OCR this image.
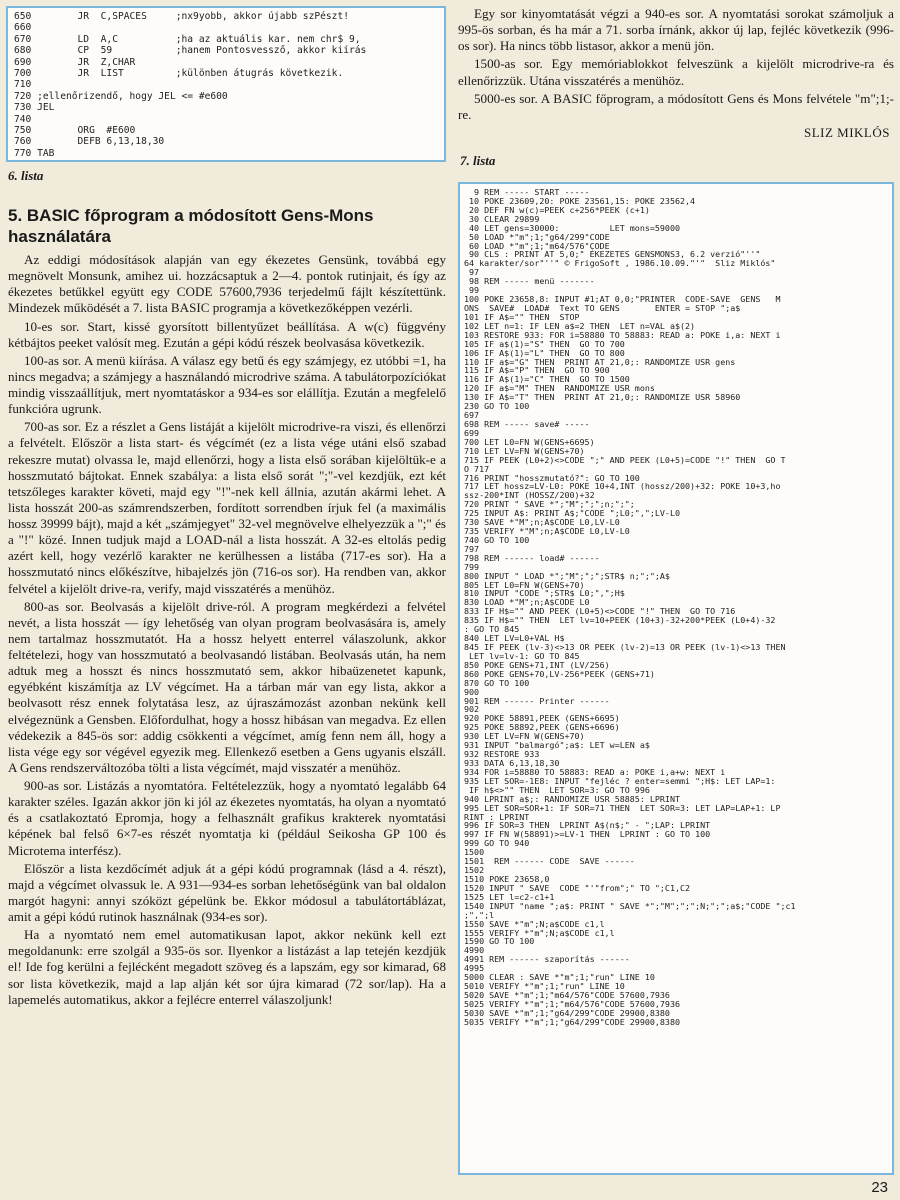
650        JR  C,SPACES     ;nx9yobb, akkor újabb szPészt!
660
670        LD  A,C          ;ha az aktuális kar. nem chr$ 9,
680        CP  59           ;hanem Pontosvessző, akkor kiírás
690        JR  Z,CHAR
700        JR  LIST         ;különben átugrás következik.
710
720 ;ellenőrizendő, hogy JEL <= #e600
730 JEL
740
750        ORG  #E600
760        DEFB 6,13,18,30
770 TAB
6. lista
5. BASIC főprogram a módosított Gens-Mons használatára

Az eddigi módosítások alapján van egy ékezetes Gensünk, továbbá egy megnövelt Monsunk, amihez ui. hozzácsaptuk a 2—4. pontok rutinjait, és így az ékezetes betűkkel együtt egy CODE 57600,7936 terjedelmű fájlt készítettünk. Mindezek működését a 7. lista BASIC programja a következőképpen vezérli.

10-es sor. Start, kissé gyorsított billentyűzet beállítása. A w(c) függvény kétbájtos peeket valósít meg. Ezután a gépi kódú részek beolvasása következik.

100-as sor. A menü kiírása. A válasz egy betű és egy számjegy, ez utóbbi =1, ha nincs megadva; a számjegy a használandó microdrive száma. A tabulátorpozíciókat mindig visszaállítjuk, mert nyomtatáskor a 934-es sor elállítja. Ezután a megfelelő funkcióra ugrunk.

700-as sor. Ez a részlet a Gens listáját a kijelölt microdrive-ra viszi, és ellenőrzi a felvételt. Először a lista start- és végcímét (ez a lista vége utáni első szabad rekeszre mutat) olvassa le, majd ellenőrzi, hogy a lista első sorában kijelöltük-e a hosszmutató bájtokat. Ennek szabálya: a lista első sorát ";"-vel kezdjük, ezt két tetszőleges karakter követi, majd egy "!"-nek kell állnia, azután akármi lehet. A lista hosszát 200-as számrendszerben, fordított sorrendben írjuk fel (a maximális hossz 39999 bájt), majd a két „számjegyet" 32-vel megnövelve elhelyezzük a ";" és a "!" közé. Innen tudjuk majd a LOAD-nál a lista hosszát. A 32-es eltolás pedig azért kell, hogy vezérlő karakter ne kerülhessen a listába (717-es sor). Ha a hosszmutató nincs előkészítve, hibajelzés jön (716-os sor). Ha rendben van, akkor felvétel a kijelölt drive-ra, verify, majd visszatérés a menühöz.

800-as sor. Beolvasás a kijelölt drive-ról. A program megkérdezi a felvétel nevét, a lista hosszát — így lehetőség van olyan program beolvasására is, amely nem tartalmaz hosszmutatót. Ha a hossz helyett enterrel válaszolunk, akkor feltételezi, hogy van hosszmutató a beolvasandó listában. Beolvasás után, ha nem adtuk meg a hosszt és nincs hosszmutató sem, akkor hibaüzenetet kapunk, egyébként kiszámítja az LV végcímet. Ha a tárban már van egy lista, akkor a beolvasott rész ennek folytatása lesz, az újraszámozást azonban nekünk kell elvégeznünk a Gensben. Előfordulhat, hogy a hossz hibásan van megadva. Ez ellen védekezik a 845-ös sor: addig csökkenti a végcímet, amíg fenn nem áll, hogy a lista vége egy sor végével egyezik meg. Ellenkező esetben a Gens ugyanis elszáll. A Gens rendszerváltozóba tölti a lista végcímét, majd visszatér a menühöz.

900-as sor. Listázás a nyomtatóra. Feltételezzük, hogy a nyomtató legalább 64 karakter széles. Igazán akkor jön ki jól az ékezetes nyomtatás, ha olyan a nyomtató és a csatlakoztató Epromja, hogy a felhasznált grafikus krakterek nyomtatási képének bal felső 6×7-es részét nyomtatja ki (például Seikosha GP 100 és Microtema interfész).

Először a lista kezdőcímét adjuk át a gépi kódú programnak (lásd a 4. részt), majd a végcímet olvassuk le. A 931—934-es sorban lehetőségünk van bal oldalon margót hagyni: annyi szóközt gépelünk be. Ekkor módosul a tabulátortáblázat, amit a gépi kódú rutinok használnak (934-es sor).

Ha a nyomtató nem emel automatikusan lapot, akkor nekünk kell ezt megoldanunk: erre szolgál a 935-ös sor. Ilyenkor a listázást a lap tetején kezdjük el! Ide fog kerülni a fejlécként megadott szöveg és a lapszám, egy sor kimarad, 68 sor lista következik, majd a lap alján két sor újra kimarad (72 sor/lap). Ha a lapemelés automatikus, akkor a fejlécre enterrel válaszoljunk!

Egy sor kinyomtatását végzi a 940-es sor. A nyomtatási sorokat számoljuk a 995-ös sorban, és ha már a 71. sorba írnánk, akkor új lap, fejléc következik (996-os sor). Ha nincs több listasor, akkor a menü jön.

1500-as sor. Egy memóriablokkot felveszünk a kijelölt microdrive-ra és ellenőrizzük. Utána visszatérés a menühöz.

5000-es sor. A BASIC főprogram, a módosított Gens és Mons felvétele "m";1;-re.

SLIZ MIKLÓS
7. lista
9 REM ----- START -----
10 POKE 23609,20: POKE 23561,15: POKE 23562,4
20 DEF FN w(c)=PEEK c+256*PEEK (c+1)
30 CLEAR 29899
40 LET gens=30000:          LET mons=59000
50 LOAD *"m";1;"g64/299"CODE
60 LOAD *"m";1;"m64/576"CODE
90 CLS : PRINT AT 5,0;" ÉKEZETES GENSMONS3, 6.2 verzió"''"
64 karakter/sor"''" © FrigoSoft , 1986.10.09."'"  Sliz Miklós"
97
98 REM ----- menü -------
99
100 POKE 23658,8: INPUT #1;AT 0,0;"PRINTER  CODE-SAVE  GENS   M
ONS  SAVE#  LOAD#  Text TO GENS       ENTER = STOP ";a$
101 IF A$="" THEN  STOP
102 LET n=1: IF LEN a$=2 THEN  LET n=VAL a$(2)
103 RESTORE 933: FOR i=58880 TO 58883: READ a: POKE i,a: NEXT i
105 IF a$(1)="S" THEN  GO TO 700
106 IF A$(1)="L" THEN  GO TO 800
110 IF a$="G" THEN  PRINT AT 21,0;: RANDOMIZE USR gens
115 IF A$="P" THEN  GO TO 900
116 IF A$(1)="C" THEN  GO TO 1500
120 IF a$="M" THEN  RANDOMIZE USR mons
130 IF A$="T" THEN  PRINT AT 21,0;: RANDOMIZE USR 58960
230 GO TO 100
697
698 REM ----- save# -----
699
700 LET L0=FN W(GENS+6695)
710 LET LV=FN W(GENS+70)
715 IF PEEK (L0+2)<>CODE ";" AND PEEK (L0+5)=CODE "!" THEN  GO T
O 717
716 PRINT "hosszmutató?": GO TO 100
717 LET hossz=LV-L0: POKE 10+4,INT (hossz/200)+32: POKE 10+3,ho
ssz-200*INT (HOSSZ/200)+32
720 PRINT " SAVE *";"M";";";n;";";
725 INPUT A$: PRINT A$;"CODE ";L0;",";LV-L0
730 SAVE *"M";n;A$CODE L0,LV-L0
735 VERIFY *"M";n;A$CODE L0,LV-L0
740 GO TO 100
797
798 REM ------ load# ------
799
800 INPUT " LOAD *";"M";";";STR$ n;";";A$
805 LET L0=FN W(GENS+70)
810 INPUT "CODE ";STR$ L0;",";H$
830 LOAD *"M";n;A$CODE L0
833 IF H$="" AND PEEK (L0+5)<>CODE "!" THEN  GO TO 716
835 IF H$="" THEN  LET lv=10+PEEK (10+3)-32+200*PEEK (L0+4)-32
: GO TO 845
840 LET LV=L0+VAL H$
845 IF PEEK (lv-3)<>13 OR PEEK (lv-2)=13 OR PEEK (lv-1)<>13 THEN
LET lv=lv-1: GO TO 845
850 POKE GENS+71,INT (LV/256)
860 POKE GENS+70,LV-256*PEEK (GENS+71)
870 GO TO 100
900
901 REM ------ Printer ------
902
920 POKE 58891,PEEK (GENS+6695)
925 POKE 58892,PEEK (GENS+6696)
930 LET LV=FN W(GENS+70)
931 INPUT "balmargó";a$: LET w=LEN a$
932 RESTORE 933
933 DATA 6,13,18,30
934 FOR i=58880 TO 58883: READ a: POKE i,a+w: NEXT i
935 LET SOR=-1E8: INPUT "fejléc ? enter=semmi ";H$: LET LAP=1:
IF h$<>"" THEN  LET SOR=3: GO TO 996
940 LPRINT a$;: RANDOMIZE USR 58885: LPRINT
995 LET SOR=SOR+1: IF SOR=71 THEN  LET SOR=3: LET LAP=LAP+1: LP
RINT : LPRINT
996 IF SOR=3 THEN  LPRINT A$(n$;" - ";LAP: LPRINT
997 IF FN W(58891)>=LV-1 THEN  LPRINT : GO TO 100
999 GO TO 940
1500
1501  REM ------ CODE  SAVE ------
1502
1510 POKE 23658,0
1520 INPUT " SAVE  CODE "'"from";" TO ";C1,C2
1525 LET l=c2-c1+1
1540 INPUT "name ";a$: PRINT " SAVE *";"M";";";N;";";a$;"CODE ";c1
;",";l
1550 SAVE *"m";N;a$CODE c1,l
1555 VERIFY *"m";N;a$CODE c1,l
1590 GO TO 100
4990
4991 REM ------ szaporítás ------
4995
5000 CLEAR : SAVE *"m";1;"run" LINE 10
5010 VERIFY *"m";1;"run" LINE 10
5020 SAVE *"m";1;"m64/576"CODE 57600,7936
5025 VERIFY *"m";1;"m64/576"CODE 57600,7936
5030 SAVE *"m";1;"g64/299"CODE 29900,8380
5035 VERIFY *"m";1;"g64/299"CODE 29900,8380
23
